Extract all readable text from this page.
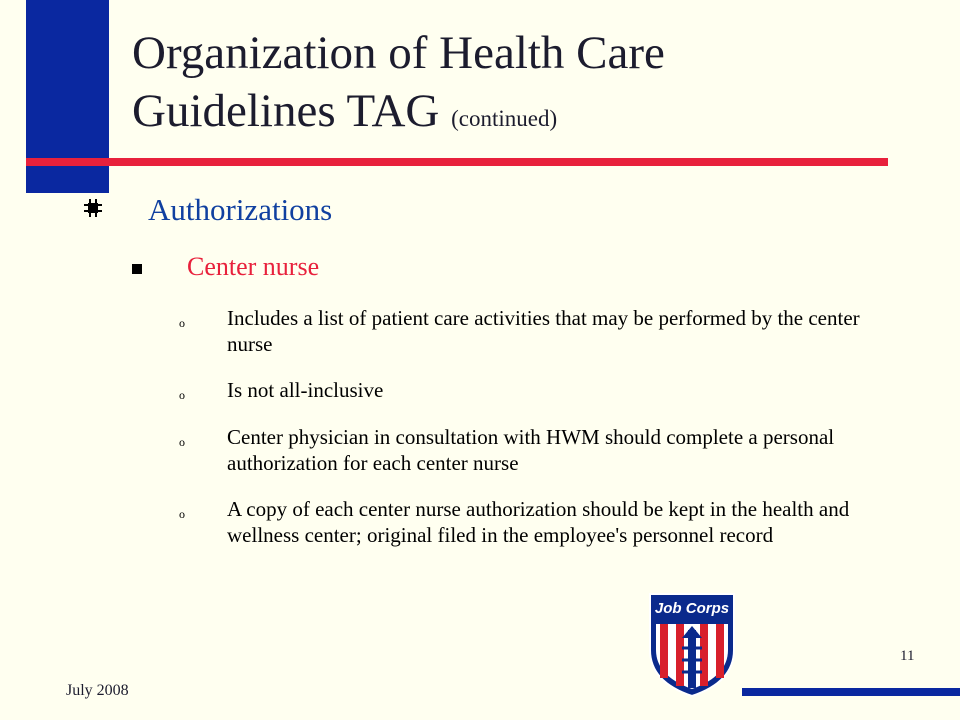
Organization of Health Care
Guidelines TAG (continued)
Authorizations
Center nurse
o Includes a list of patient care activities that may be performed by the center nurse
o Is not all-inclusive
o Center physician in consultation with HWM should complete a personal authorization for each center nurse
o A copy of each center nurse authorization should be kept in the health and wellness center; original filed in the employee's personnel record
Job Corps
July 2008
11
